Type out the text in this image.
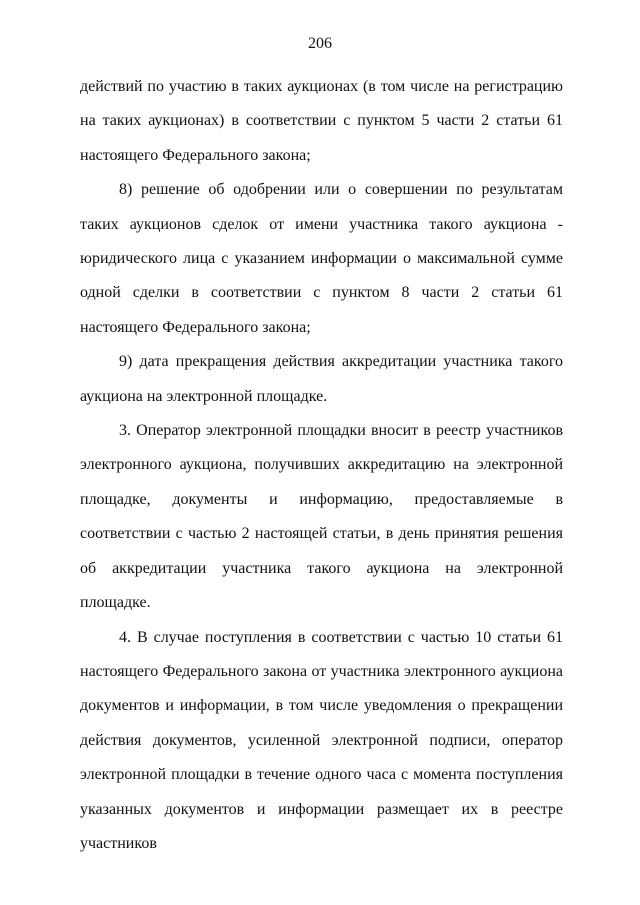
206

действий по участию в таких аукционах (в том числе на регистрацию на таких аукционах) в соответствии с пунктом 5 части 2 статьи 61 настоящего Федерального закона;

8) решение об одобрении или о совершении по результатам таких аукционов сделок от имени участника такого аукциона - юридического лица с указанием информации о максимальной сумме одной сделки в соответствии с пунктом 8 части 2 статьи 61 настоящего Федерального закона;

9) дата прекращения действия аккредитации участника такого аукциона на электронной площадке.

3. Оператор электронной площадки вносит в реестр участников электронного аукциона, получивших аккредитацию на электронной площадке, документы и информацию, предоставляемые в соответствии с частью 2 настоящей статьи, в день принятия решения об аккредитации участника такого аукциона на электронной площадке.

4. В случае поступления в соответствии с частью 10 статьи 61 настоящего Федерального закона от участника электронного аукциона документов и информации, в том числе уведомления о прекращении действия документов, усиленной электронной подписи, оператор электронной площадки в течение одного часа с момента поступления указанных документов и информации размещает их в реестре участников
